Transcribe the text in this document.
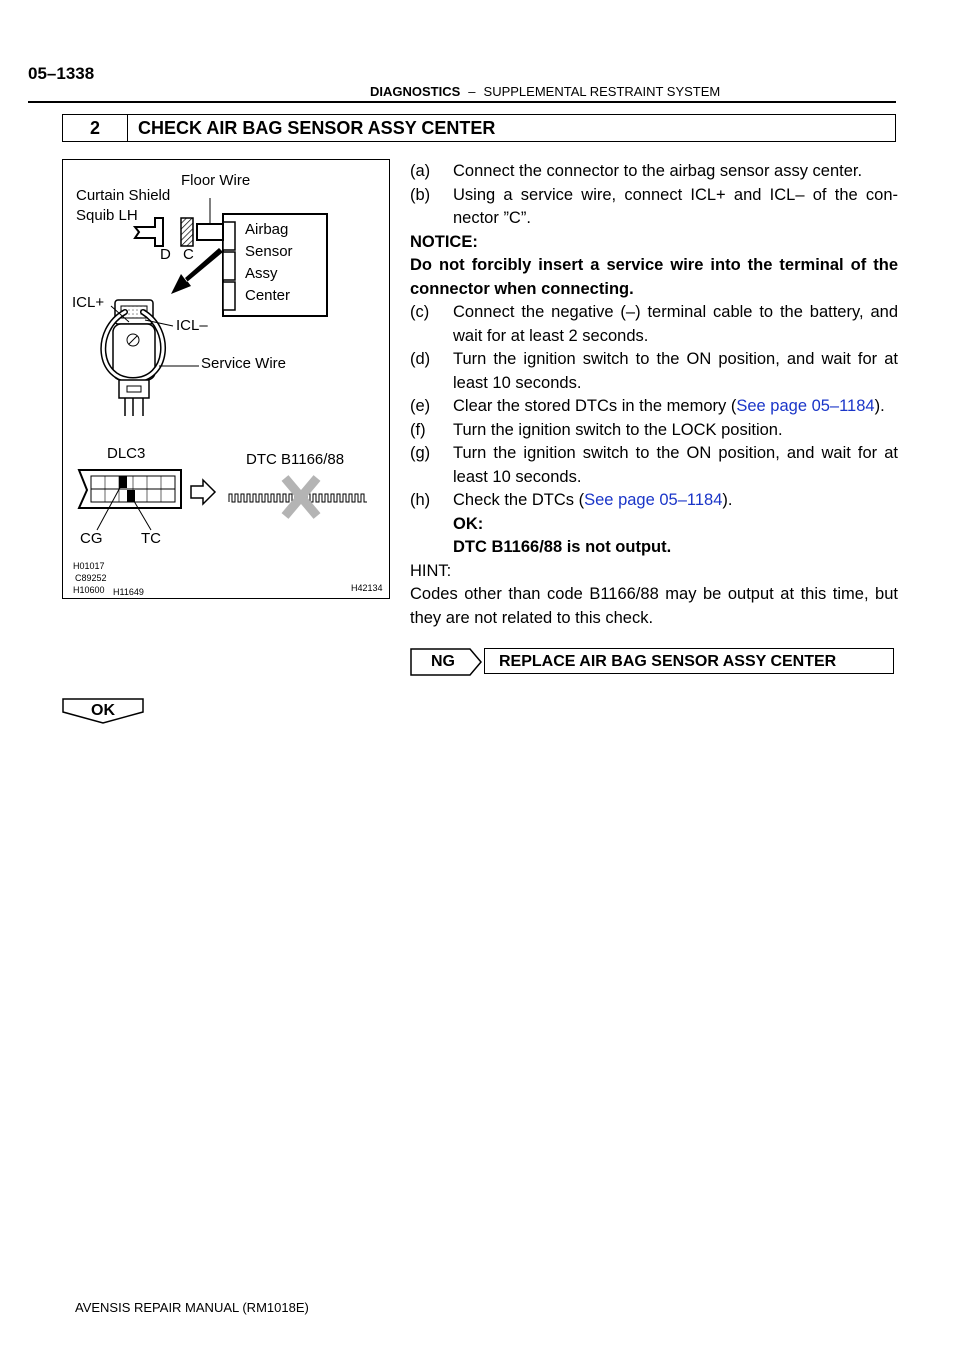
05–1338
DIAGNOSTICS – SUPPLEMENTAL RESTRAINT SYSTEM
2	CHECK AIR BAG SENSOR ASSY CENTER
Floor Wire
Curtain Shield
Squib LH
Airbag
Sensor
Assy
Center
D C
ICL+
ICL–
Service Wire
DLC3	DTC B1166/88
CG	TC
H01017
C89252
H10600 H11649	H42134
(a)	Connect the connector to the airbag sensor assy center.
(b)	Using a service wire, connect ICL+ and ICL– of the con-nector ”C”.
NOTICE:
Do not forcibly insert a service wire into the terminal of the connector when connecting.
(c)	Connect the negative (–) terminal cable to the battery, and wait for at least 2 seconds.
(d)	Turn the ignition switch to the ON position, and wait for at least 10 seconds.
(e)	Clear the stored DTCs in the memory (See page 05–1184).
(f)	Turn the ignition switch to the LOCK position.
(g)	Turn the ignition switch to the ON position, and wait for at least 10 seconds.
(h)	Check the DTCs (See page 05–1184).
OK:
DTC B1166/88 is not output.
HINT:
Codes other than code B1166/88 may be output at this time, but they are not related to this check.
NG	REPLACE AIR BAG SENSOR ASSY CENTER
OK
AVENSIS REPAIR MANUAL (RM1018E)
